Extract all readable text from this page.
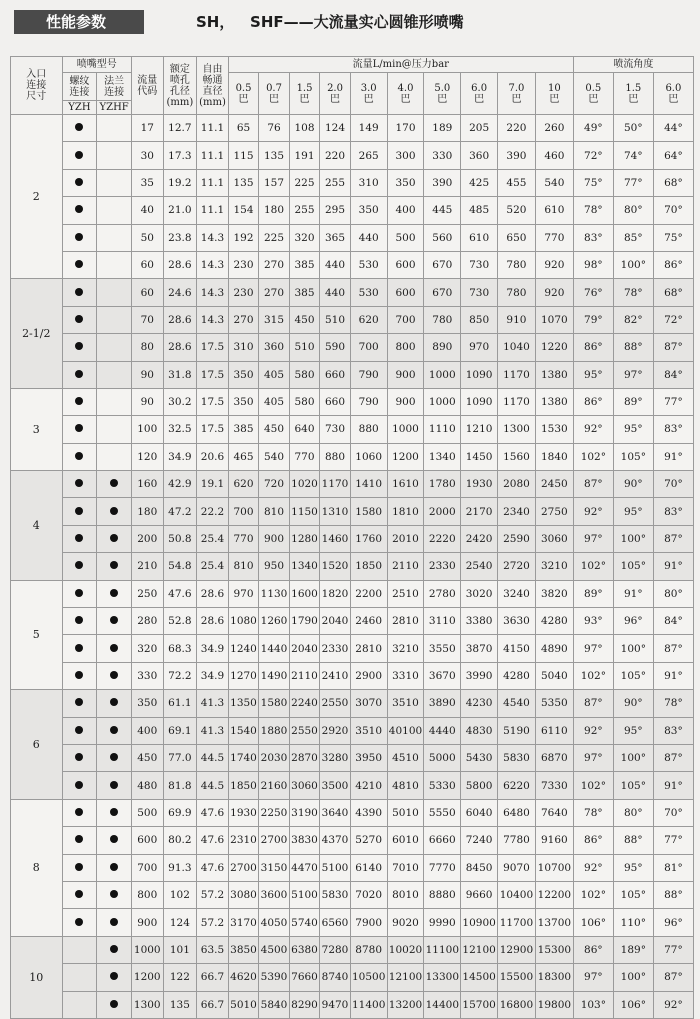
性能参数	SH，   SHF——大流量实心圆锥形喷嘴
入口
连接
尺寸	喷嘴型号		流量
代码	额定
喷孔
孔径
(mm)	自由
畅通
直径
(mm)	流量L/min@压力bar										喷流角度		

	螺纹
连接	法兰
连接				0.5
巴	0.7
巴	1.5
巴	2.0
巴	3.0
巴	4.0
巴	5.0
巴	6.0
巴	7.0
巴	10
巴	0.5
巴	1.5
巴	6.0
巴

	YZH	YZHF																
2			17	12.7	11.1	65	76	108	124	149	170	189	205	220	260	49°	50°	44°
			30	17.3	11.1	115	135	191	220	265	300	330	360	390	460	72°	74°	64°
			35	19.2	11.1	135	157	225	255	310	350	390	425	455	540	75°	77°	68°
			40	21.0	11.1	154	180	255	295	350	400	445	485	520	610	78°	80°	70°
			50	23.8	14.3	192	225	320	365	440	500	560	610	650	770	83°	85°	75°
			60	28.6	14.3	230	270	385	440	530	600	670	730	780	920	98°	100°	86°
2-1/2			60	24.6	14.3	230	270	385	440	530	600	670	730	780	920	76°	78°	68°
			70	28.6	14.3	270	315	450	510	620	700	780	850	910	1070	79°	82°	72°
			80	28.6	17.5	310	360	510	590	700	800	890	970	1040	1220	86°	88°	87°
			90	31.8	17.5	350	405	580	660	790	900	1000	1090	1170	1380	95°	97°	84°
3			90	30.2	17.5	350	405	580	660	790	900	1000	1090	1170	1380	86°	89°	77°
			100	32.5	17.5	385	450	640	730	880	1000	1110	1210	1300	1530	92°	95°	83°
			120	34.9	20.6	465	540	770	880	1060	1200	1340	1450	1560	1840	102°	105°	91°
4			160	42.9	19.1	620	720	1020	1170	1410	1610	1780	1930	2080	2450	87°	90°	70°
			180	47.2	22.2	700	810	1150	1310	1580	1810	2000	2170	2340	2750	92°	95°	83°
			200	50.8	25.4	770	900	1280	1460	1760	2010	2220	2420	2590	3060	97°	100°	87°
			210	54.8	25.4	810	950	1340	1520	1850	2110	2330	2540	2720	3210	102°	105°	91°
5			250	47.6	28.6	970	1130	1600	1820	2200	2510	2780	3020	3240	3820	89°	91°	80°
			280	52.8	28.6	1080	1260	1790	2040	2460	2810	3110	3380	3630	4280	93°	96°	84°
			320	68.3	34.9	1240	1440	2040	2330	2810	3210	3550	3870	4150	4890	97°	100°	87°
			330	72.2	34.9	1270	1490	2110	2410	2900	3310	3670	3990	4280	5040	102°	105°	91°
6			350	61.1	41.3	1350	1580	2240	2550	3070	3510	3890	4230	4540	5350	87°	90°	78°
			400	69.1	41.3	1540	1880	2550	2920	3510	40100	4440	4830	5190	6110	92°	95°	83°
			450	77.0	44.5	1740	2030	2870	3280	3950	4510	5000	5430	5830	6870	97°	100°	87°
			480	81.8	44.5	1850	2160	3060	3500	4210	4810	5330	5800	6220	7330	102°	105°	91°
8			500	69.9	47.6	1930	2250	3190	3640	4390	5010	5550	6040	6480	7640	78°	80°	70°
			600	80.2	47.6	2310	2700	3830	4370	5270	6010	6660	7240	7780	9160	86°	88°	77°
			700	91.3	47.6	2700	3150	4470	5100	6140	7010	7770	8450	9070	10700	92°	95°	81°
			800	102	57.2	3080	3600	5100	5830	7020	8010	8880	9660	10400	12200	102°	105°	88°
			900	124	57.2	3170	4050	5740	6560	7900	9020	9990	10900	11700	13700	106°	110°	96°
10			1000	101	63.5	3850	4500	6380	7280	8780	10020	11100	12100	12900	15300	86°	189°	77°
			1200	122	66.7	4620	5390	7660	8740	10500	12100	13300	14500	15500	18300	97°	100°	87°
			1300	135	66.7	5010	5840	8290	9470	11400	13200	14400	15700	16800	19800	103°	106°	92°
